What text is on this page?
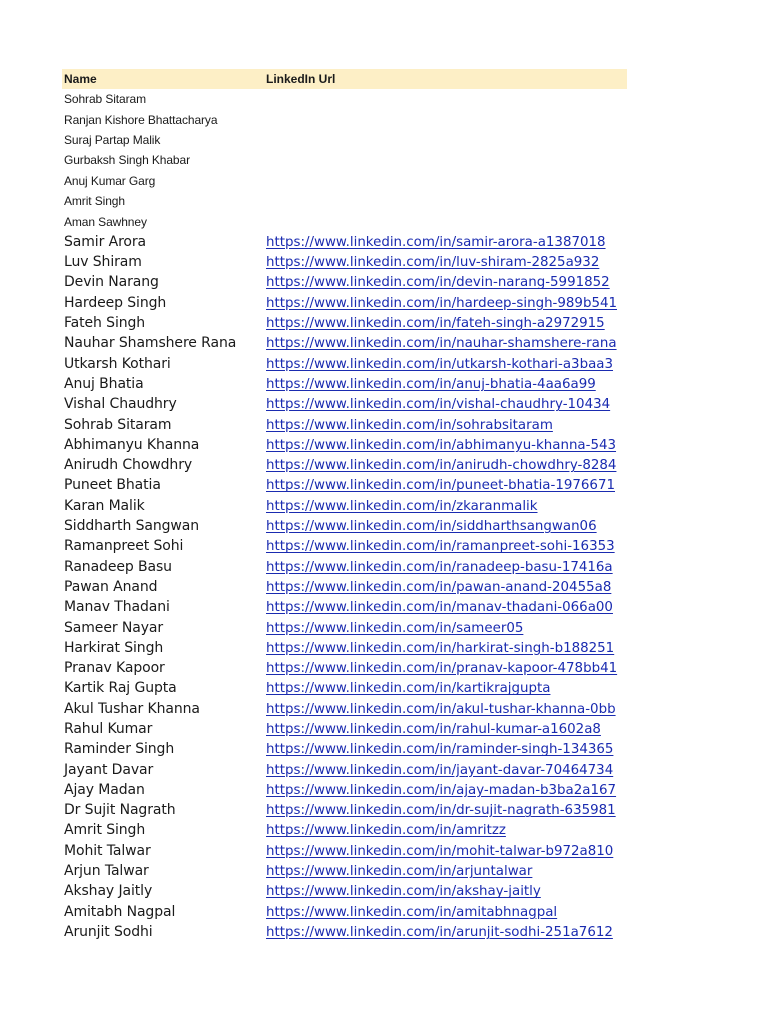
Name	LinkedIn Url
Sohrab Sitaram
Ranjan Kishore Bhattacharya
Suraj Partap Malik
Gurbaksh Singh Khabar
Anuj Kumar Garg
Amrit Singh
Aman Sawhney
Samir Arora	https://www.linkedin.com/in/samir-arora-a1387018
Luv Shiram	https://www.linkedin.com/in/luv-shiram-2825a932
Devin Narang	https://www.linkedin.com/in/devin-narang-5991852
Hardeep Singh	https://www.linkedin.com/in/hardeep-singh-989b541
Fateh Singh	https://www.linkedin.com/in/fateh-singh-a2972915
Nauhar Shamshere Rana	https://www.linkedin.com/in/nauhar-shamshere-rana
Utkarsh Kothari	https://www.linkedin.com/in/utkarsh-kothari-a3baa3
Anuj Bhatia	https://www.linkedin.com/in/anuj-bhatia-4aa6a99
Vishal Chaudhry	https://www.linkedin.com/in/vishal-chaudhry-10434
Sohrab Sitaram	https://www.linkedin.com/in/sohrabsitaram
Abhimanyu Khanna	https://www.linkedin.com/in/abhimanyu-khanna-543
Anirudh Chowdhry	https://www.linkedin.com/in/anirudh-chowdhry-8284
Puneet Bhatia	https://www.linkedin.com/in/puneet-bhatia-1976671
Karan Malik	https://www.linkedin.com/in/zkaranmalik
Siddharth Sangwan	https://www.linkedin.com/in/siddharthsangwan06
Ramanpreet Sohi	https://www.linkedin.com/in/ramanpreet-sohi-16353
Ranadeep Basu	https://www.linkedin.com/in/ranadeep-basu-17416a
Pawan Anand	https://www.linkedin.com/in/pawan-anand-20455a8
Manav Thadani	https://www.linkedin.com/in/manav-thadani-066a00
Sameer Nayar	https://www.linkedin.com/in/sameer05
Harkirat Singh	https://www.linkedin.com/in/harkirat-singh-b188251
Pranav Kapoor	https://www.linkedin.com/in/pranav-kapoor-478bb41
Kartik Raj Gupta	https://www.linkedin.com/in/kartikrajgupta
Akul Tushar Khanna	https://www.linkedin.com/in/akul-tushar-khanna-0bb
Rahul Kumar	https://www.linkedin.com/in/rahul-kumar-a1602a8
Raminder Singh	https://www.linkedin.com/in/raminder-singh-134365
Jayant Davar	https://www.linkedin.com/in/jayant-davar-70464734
Ajay Madan	https://www.linkedin.com/in/ajay-madan-b3ba2a167
Dr Sujit Nagrath	https://www.linkedin.com/in/dr-sujit-nagrath-635981
Amrit Singh	https://www.linkedin.com/in/amritzz
Mohit Talwar	https://www.linkedin.com/in/mohit-talwar-b972a810
Arjun Talwar	https://www.linkedin.com/in/arjuntalwar
Akshay Jaitly	https://www.linkedin.com/in/akshay-jaitly
Amitabh Nagpal	https://www.linkedin.com/in/amitabhnagpal
Arunjit Sodhi	https://www.linkedin.com/in/arunjit-sodhi-251a7612
